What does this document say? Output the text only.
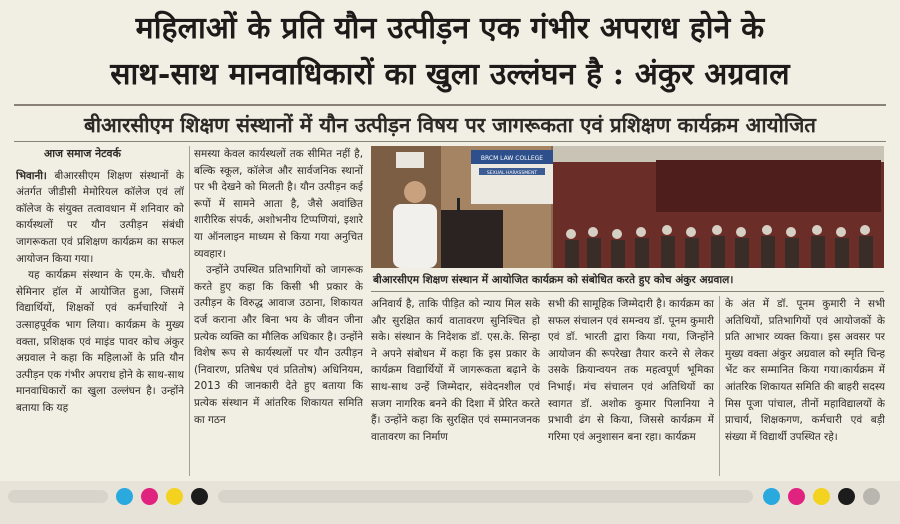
महिलाओं के प्रति यौन उत्पीड़न एक गंभीर अपराध होने के
साथ-साथ मानवाधिकारों का खुला उल्लंघन है : अंकुर अग्रवाल
बीआरसीएम शिक्षण संस्थानों में यौन उत्पीड़न विषय पर जागरूकता एवं प्रशिक्षण कार्यक्रम आयोजित
आज समाज नेटवर्क

भिवानी। बीआरसीएम शिक्षण संस्थानों के अंतर्गत जीडीसी मेमोरियल कॉलेज एवं लॉ कॉलेज के संयुक्त तत्वावधान में शनिवार को कार्यस्थलों पर यौन उत्पीड़न संबंधी जागरूकता एवं प्रशिक्षण कार्यक्रम का सफल आयोजन किया गया।

यह कार्यक्रम संस्थान के एम.के. चौधरी सेमिनार हॉल में आयोजित हुआ, जिसमें विद्यार्थियों, शिक्षकों एवं कर्मचारियों ने उत्साहपूर्वक भाग लिया। कार्यक्रम के मुख्य वक्ता, प्रशिक्षक एवं माइंड पावर कोच अंकुर अग्रवाल ने कहा कि महिलाओं के प्रति यौन उत्पीड़न एक गंभीर अपराध होने के साथ-साथ मानवाधिकारों का खुला उल्लंघन है। उन्होंने बताया कि यह

समस्या केवल कार्यस्थलों तक सीमित नहीं है, बल्कि स्कूल, कॉलेज और सार्वजनिक स्थानों पर भी देखने को मिलती है। यौन उत्पीड़न कई रूपों में सामने आता है, जैसे अवांछित शारीरिक संपर्क, अशोभनीय टिप्पणियां, इशारे या ऑनलाइन माध्यम से किया गया अनुचित व्यवहार।

उन्होंने उपस्थित प्रतिभागियों को जागरूक करते हुए कहा कि किसी भी प्रकार के उत्पीड़न के विरुद्ध आवाज उठाना, शिकायत दर्ज कराना और बिना भय के जीवन जीना प्रत्येक व्यक्ति का मौलिक अधिकार है। उन्होंने विशेष रूप से कार्यस्थलों पर यौन उत्पीड़न (निवारण, प्रतिषेध एवं प्रतितोष) अधिनियम, 2013 की जानकारी देते हुए बताया कि प्रत्येक संस्थान में आंतरिक शिकायत समिति का गठन

BRCM LAW COLLEGE
SEXUAL HARASSMENT
बीआरसीएम शिक्षण संस्थान में आयोजित कार्यक्रम को संबोधित करते हुए कोच अंकुर अग्रवाल।

अनिवार्य है, ताकि पीड़ित को न्याय मिल सके और सुरक्षित कार्य वातावरण सुनिश्चित हो सके। संस्थान के निदेशक डॉ. एस.के. सिन्हा ने अपने संबोधन में कहा कि इस प्रकार के कार्यक्रम विद्यार्थियों में जागरूकता बढ़ाने के साथ-साथ उन्हें जिम्मेदार, संवेदनशील एवं सजग नागरिक बनने की दिशा में प्रेरित करते हैं। उन्होंने कहा कि सुरक्षित एवं सम्मानजनक वातावरण का निर्माण

सभी की सामूहिक जिम्मेदारी है। कार्यक्रम का सफल संचालन एवं समन्वय डॉ. पूनम कुमारी एवं डॉ. भारती द्वारा किया गया, जिन्होंने आयोजन की रूपरेखा तैयार करने से लेकर उसके क्रियान्वयन तक महत्वपूर्ण भूमिका निभाई। मंच संचालन एवं अतिथियों का स्वागत डॉ. अशोक कुमार पिलानिया ने प्रभावी ढंग से किया, जिससे कार्यक्रम में गरिमा एवं अनुशासन बना रहा। कार्यक्रम

के अंत में डॉ. पूनम कुमारी ने सभी अतिथियों, प्रतिभागियों एवं आयोजकों के प्रति आभार व्यक्त किया। इस अवसर पर मुख्य वक्ता अंकुर अग्रवाल को स्मृति चिन्ह भेंट कर सम्मानित किया गया।कार्यक्रम में आंतरिक शिकायत समिति की बाहरी सदस्य मिस पूजा पांचाल, तीनों महाविद्यालयों के प्राचार्य, शिक्षकगण, कर्मचारी एवं बड़ी संख्या में विद्यार्थी उपस्थित रहे।
